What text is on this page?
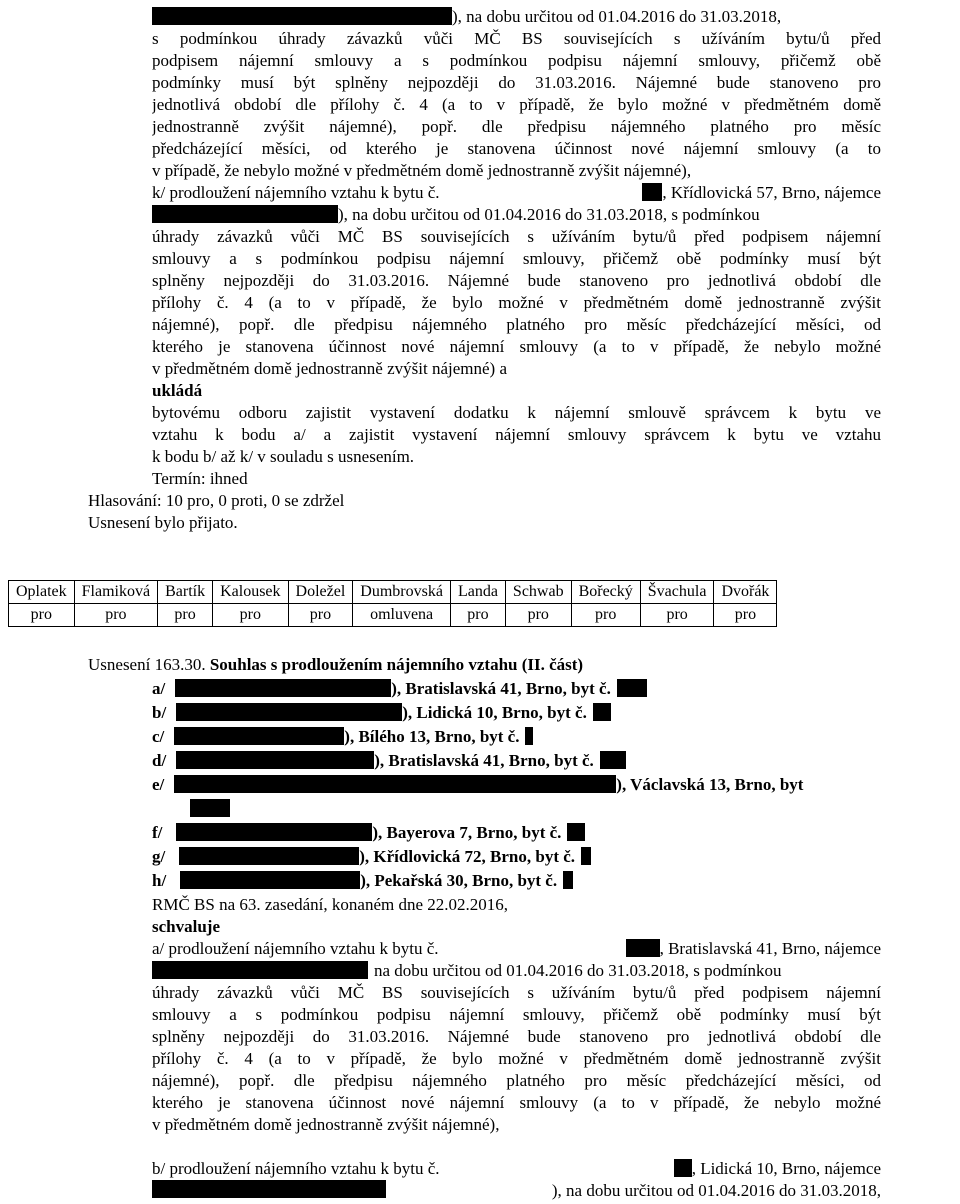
), na dobu určitou od 01.04.2016 do 31.03.2018,
s podmínkou úhrady závazků vůči MČ BS souvisejících s užíváním bytu/ů před
podpisem nájemní smlouvy a s podmínkou podpisu nájemní smlouvy, přičemž obě
podmínky musí být splněny nejpozději do 31.03.2016. Nájemné bude stanoveno pro
jednotlivá období dle přílohy č. 4 (a to v případě, že bylo možné v předmětném domě
jednostranně zvýšit nájemné), popř. dle předpisu nájemného platného pro měsíc
předcházející měsíci, od kterého je stanovena účinnost nové nájemní smlouvy (a to
v případě, že nebylo možné v předmětném domě jednostranně zvýšit nájemné),
k/ prodloužení nájemního vztahu k bytu č.	, Křídlovická 57, Brno, nájemce
), na dobu určitou od 01.04.2016 do 31.03.2018, s podmínkou
úhrady závazků vůči MČ BS souvisejících s užíváním bytu/ů před podpisem nájemní
smlouvy a s podmínkou podpisu nájemní smlouvy, přičemž obě podmínky musí být
splněny nejpozději do 31.03.2016. Nájemné bude stanoveno pro jednotlivá období dle
přílohy č. 4 (a to v případě, že bylo možné v předmětném domě jednostranně zvýšit
nájemné), popř. dle předpisu nájemného platného pro měsíc předcházející měsíci, od
kterého je stanovena účinnost nové nájemní smlouvy (a to v případě, že nebylo možné
v předmětném domě jednostranně zvýšit nájemné) a
ukládá
bytovému odboru zajistit vystavení dodatku k nájemní smlouvě správcem k bytu ve
vztahu k bodu a/ a zajistit vystavení nájemní smlouvy správcem k bytu ve vztahu
k bodu b/ až k/ v souladu s usnesením.
Termín: ihned
Hlasování: 10 pro, 0 proti, 0 se zdržel
Usnesení bylo přijato.
Oplatek	Flamiková	Bartík	Kalousek	Doležel	Dumbrovská	Landa	Schwab	Bořecký	Švachula	Dvořák
pro	pro	pro	pro	pro	omluvena	pro	pro	pro	pro	pro
Usnesení 163.30. Souhlas s prodloužením nájemního vztahu (II. část)
a/	), Bratislavská 41, Brno, byt č.
b/	), Lidická 10, Brno, byt č.
c/	), Bílého 13, Brno, byt č.
d/	), Bratislavská 41, Brno, byt č.
e/	), Václavská 13, Brno, byt
f/	), Bayerova 7, Brno, byt č.
g/	), Křídlovická 72, Brno, byt č.
h/	), Pekařská 30, Brno, byt č.
RMČ BS na 63. zasedání, konaném dne 22.02.2016,
schvaluje
a/ prodloužení nájemního vztahu k bytu č.	, Bratislavská 41, Brno, nájemce
na dobu určitou od 01.04.2016 do 31.03.2018, s podmínkou
úhrady závazků vůči MČ BS souvisejících s užíváním bytu/ů před podpisem nájemní
smlouvy a s podmínkou podpisu nájemní smlouvy, přičemž obě podmínky musí být
splněny nejpozději do 31.03.2016. Nájemné bude stanoveno pro jednotlivá období dle
přílohy č. 4 (a to v případě, že bylo možné v předmětném domě jednostranně zvýšit
nájemné), popř. dle předpisu nájemného platného pro měsíc předcházející měsíci, od
kterého je stanovena účinnost nové nájemní smlouvy (a to v případě, že nebylo možné
v předmětném domě jednostranně zvýšit nájemné),
b/ prodloužení nájemního vztahu k bytu č.	, Lidická 10, Brno, nájemce
), na dobu určitou od 01.04.2016 do 31.03.2018,
